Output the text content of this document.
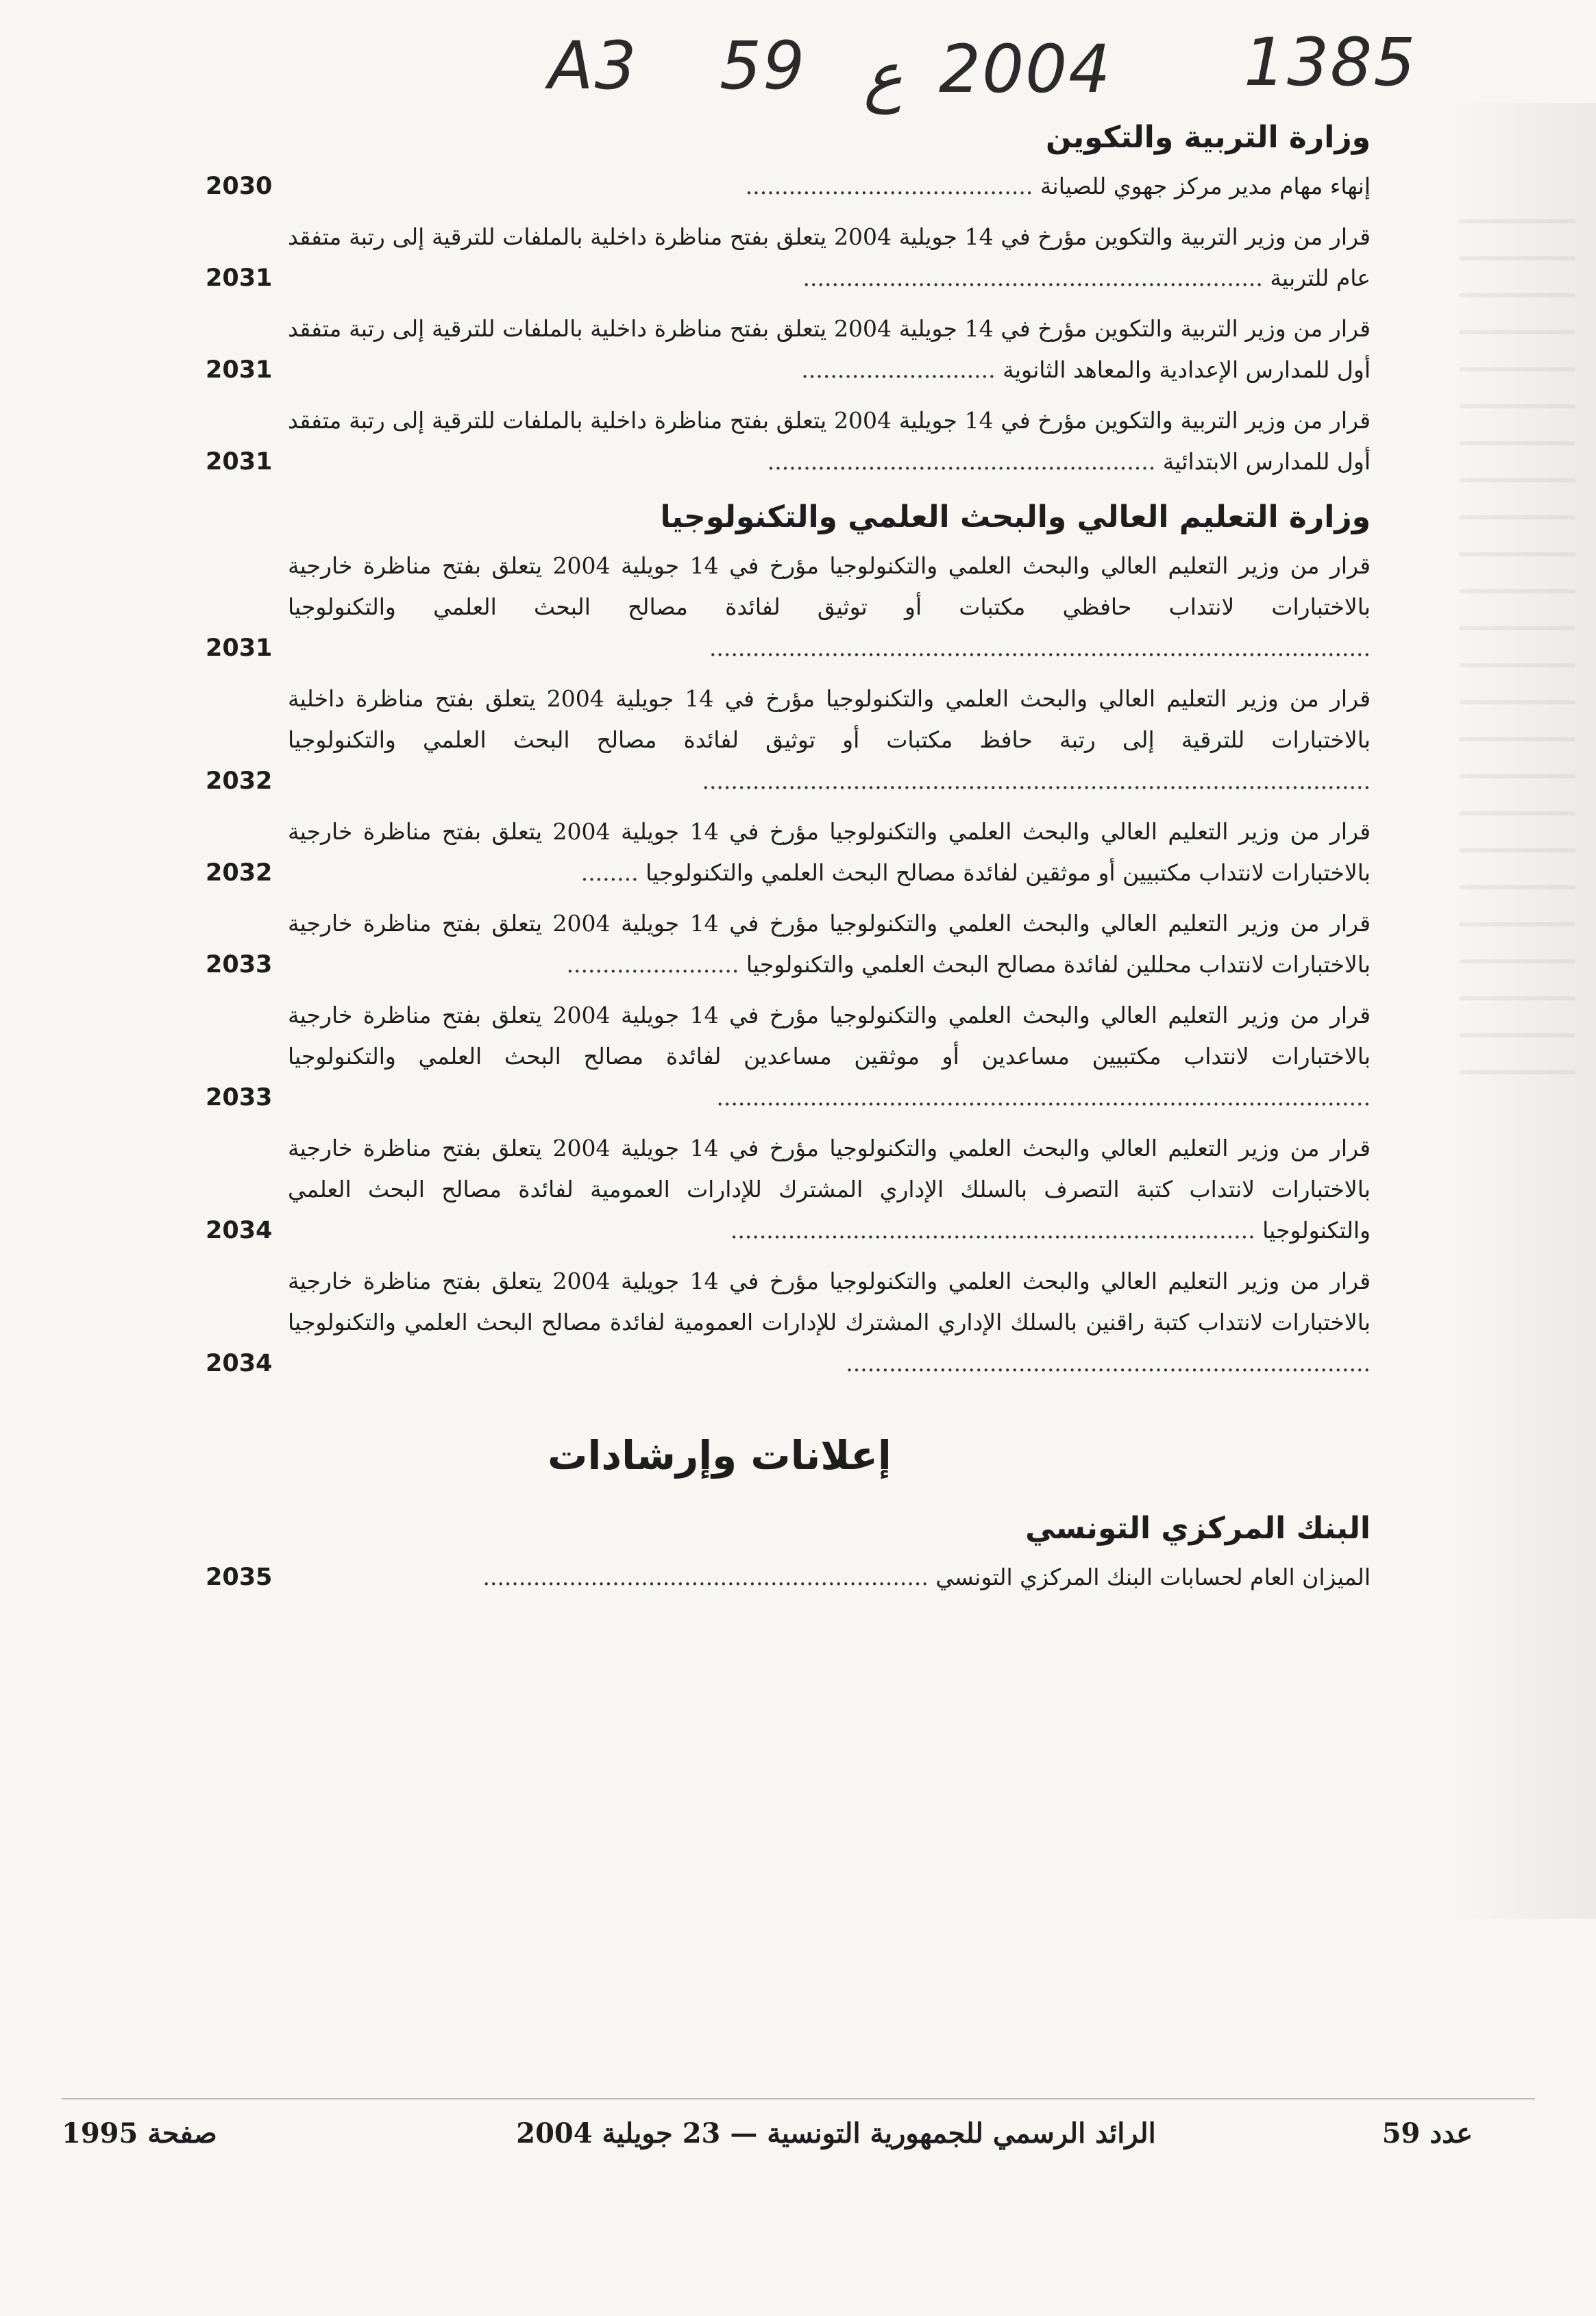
A3 59 ع 2004 1385
وزارة التربية والتكوين
إنهاء مهام مدير مركز جهوي للصيانة ........................................
2030
قرار من وزير التربية والتكوين مؤرخ في 14 جويلية 2004 يتعلق بفتح مناظرة داخلية بالملفات للترقية إلى رتبة متفقد عام للتربية ................................................................
2031
قرار من وزير التربية والتكوين مؤرخ في 14 جويلية 2004 يتعلق بفتح مناظرة داخلية بالملفات للترقية إلى رتبة متفقد أول للمدارس الإعدادية والمعاهد الثانوية ...........................
2031
قرار من وزير التربية والتكوين مؤرخ في 14 جويلية 2004 يتعلق بفتح مناظرة داخلية بالملفات للترقية إلى رتبة متفقد أول للمدارس الابتدائية ......................................................
2031
وزارة التعليم العالي والبحث العلمي والتكنولوجيا
قرار من وزير التعليم العالي والبحث العلمي والتكنولوجيا مؤرخ في 14 جويلية 2004 يتعلق بفتح مناظرة خارجية بالاختبارات لانتداب حافظي مكتبات أو توثيق لفائدة مصالح البحث العلمي والتكنولوجيا ............................................................................................
2031
قرار من وزير التعليم العالي والبحث العلمي والتكنولوجيا مؤرخ في 14 جويلية 2004 يتعلق بفتح مناظرة داخلية بالاختبارات للترقية إلى رتبة حافظ مكتبات أو توثيق لفائدة مصالح البحث العلمي والتكنولوجيا .............................................................................................
2032
قرار من وزير التعليم العالي والبحث العلمي والتكنولوجيا مؤرخ في 14 جويلية 2004 يتعلق بفتح مناظرة خارجية بالاختبارات لانتداب مكتبيين أو موثقين لفائدة مصالح البحث العلمي والتكنولوجيا ........
2032
قرار من وزير التعليم العالي والبحث العلمي والتكنولوجيا مؤرخ في 14 جويلية 2004 يتعلق بفتح مناظرة خارجية بالاختبارات لانتداب محللين لفائدة مصالح البحث العلمي والتكنولوجيا ........................
2033
قرار من وزير التعليم العالي والبحث العلمي والتكنولوجيا مؤرخ في 14 جويلية 2004 يتعلق بفتح مناظرة خارجية بالاختبارات لانتداب مكتبيين مساعدين أو موثقين مساعدين لفائدة مصالح البحث العلمي والتكنولوجيا ...........................................................................................
2033
قرار من وزير التعليم العالي والبحث العلمي والتكنولوجيا مؤرخ في 14 جويلية 2004 يتعلق بفتح مناظرة خارجية بالاختبارات لانتداب كتبة التصرف بالسلك الإداري المشترك للإدارات العمومية لفائدة مصالح البحث العلمي والتكنولوجيا .........................................................................
2034
قرار من وزير التعليم العالي والبحث العلمي والتكنولوجيا مؤرخ في 14 جويلية 2004 يتعلق بفتح مناظرة خارجية بالاختبارات لانتداب كتبة راقنين بالسلك الإداري المشترك للإدارات العمومية لفائدة مصالح البحث العلمي والتكنولوجيا .........................................................................
2034
إعلانات وإرشادات
البنك المركزي التونسي
الميزان العام لحسابات البنك المركزي التونسي ..............................................................
2035
عدد 59
الرائد الرسمي للجمهورية التونسية — 23 جويلية 2004
صفحة 1995
